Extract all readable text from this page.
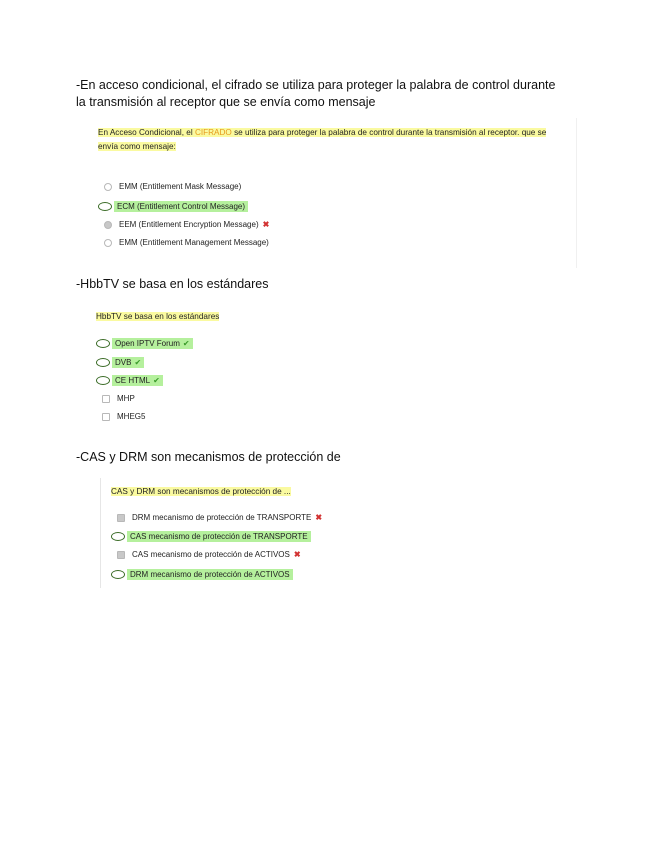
-En acceso condicional, el cifrado se utiliza para proteger la palabra de control durante la transmisión al receptor que se envía como mensaje
En Acceso Condicional, el CIFRADO se utiliza para proteger la palabra de control durante la transmisión al receptor. que se envía como mensaje:
EMM (Entitlement Mask Message)
ECM (Entitlement Control Message)
EEM (Entitlement Encryption Message) ✖
EMM (Entitlement Management Message)
-HbbTV se basa en los estándares
HbbTV se basa en los estándares
Open IPTV Forum ✔
DVB ✔
CE HTML ✔
MHP
MHEG5
-CAS y DRM son mecanismos de protección de
CAS y DRM son mecanismos de protección de ...
DRM mecanismo de protección de TRANSPORTE ✖
CAS mecanismo de protección de TRANSPORTE
CAS mecanismo de protección de ACTIVOS ✖
DRM mecanismo de protección de ACTIVOS
